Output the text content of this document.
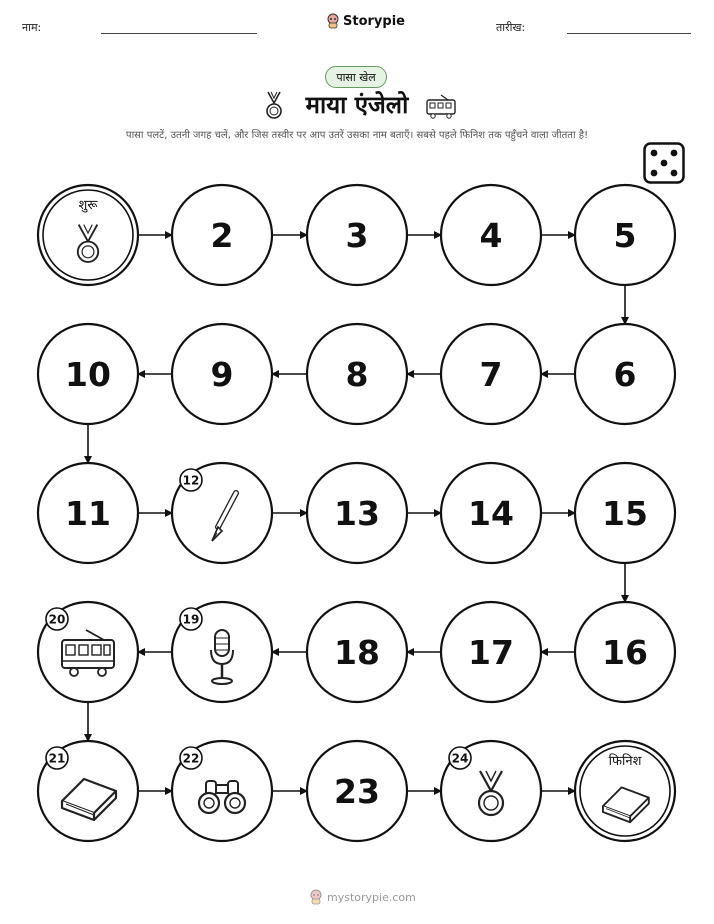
नाम:	Storypie	तारीख:
पासा खेल
माया एंजेलो
पासा पलटें, उतनी जगह चलें, और जिस तस्वीर पर आप उतरें उसका नाम बताएँ। सबसे पहले फिनिश तक पहुँचने वाला जीतता है!
शुरू
2	3	4	5
6
7
8
9
10
11
12
13	14	15
16
17
18
19
20
21	22
23
24	फिनिश
mystorypie.com
